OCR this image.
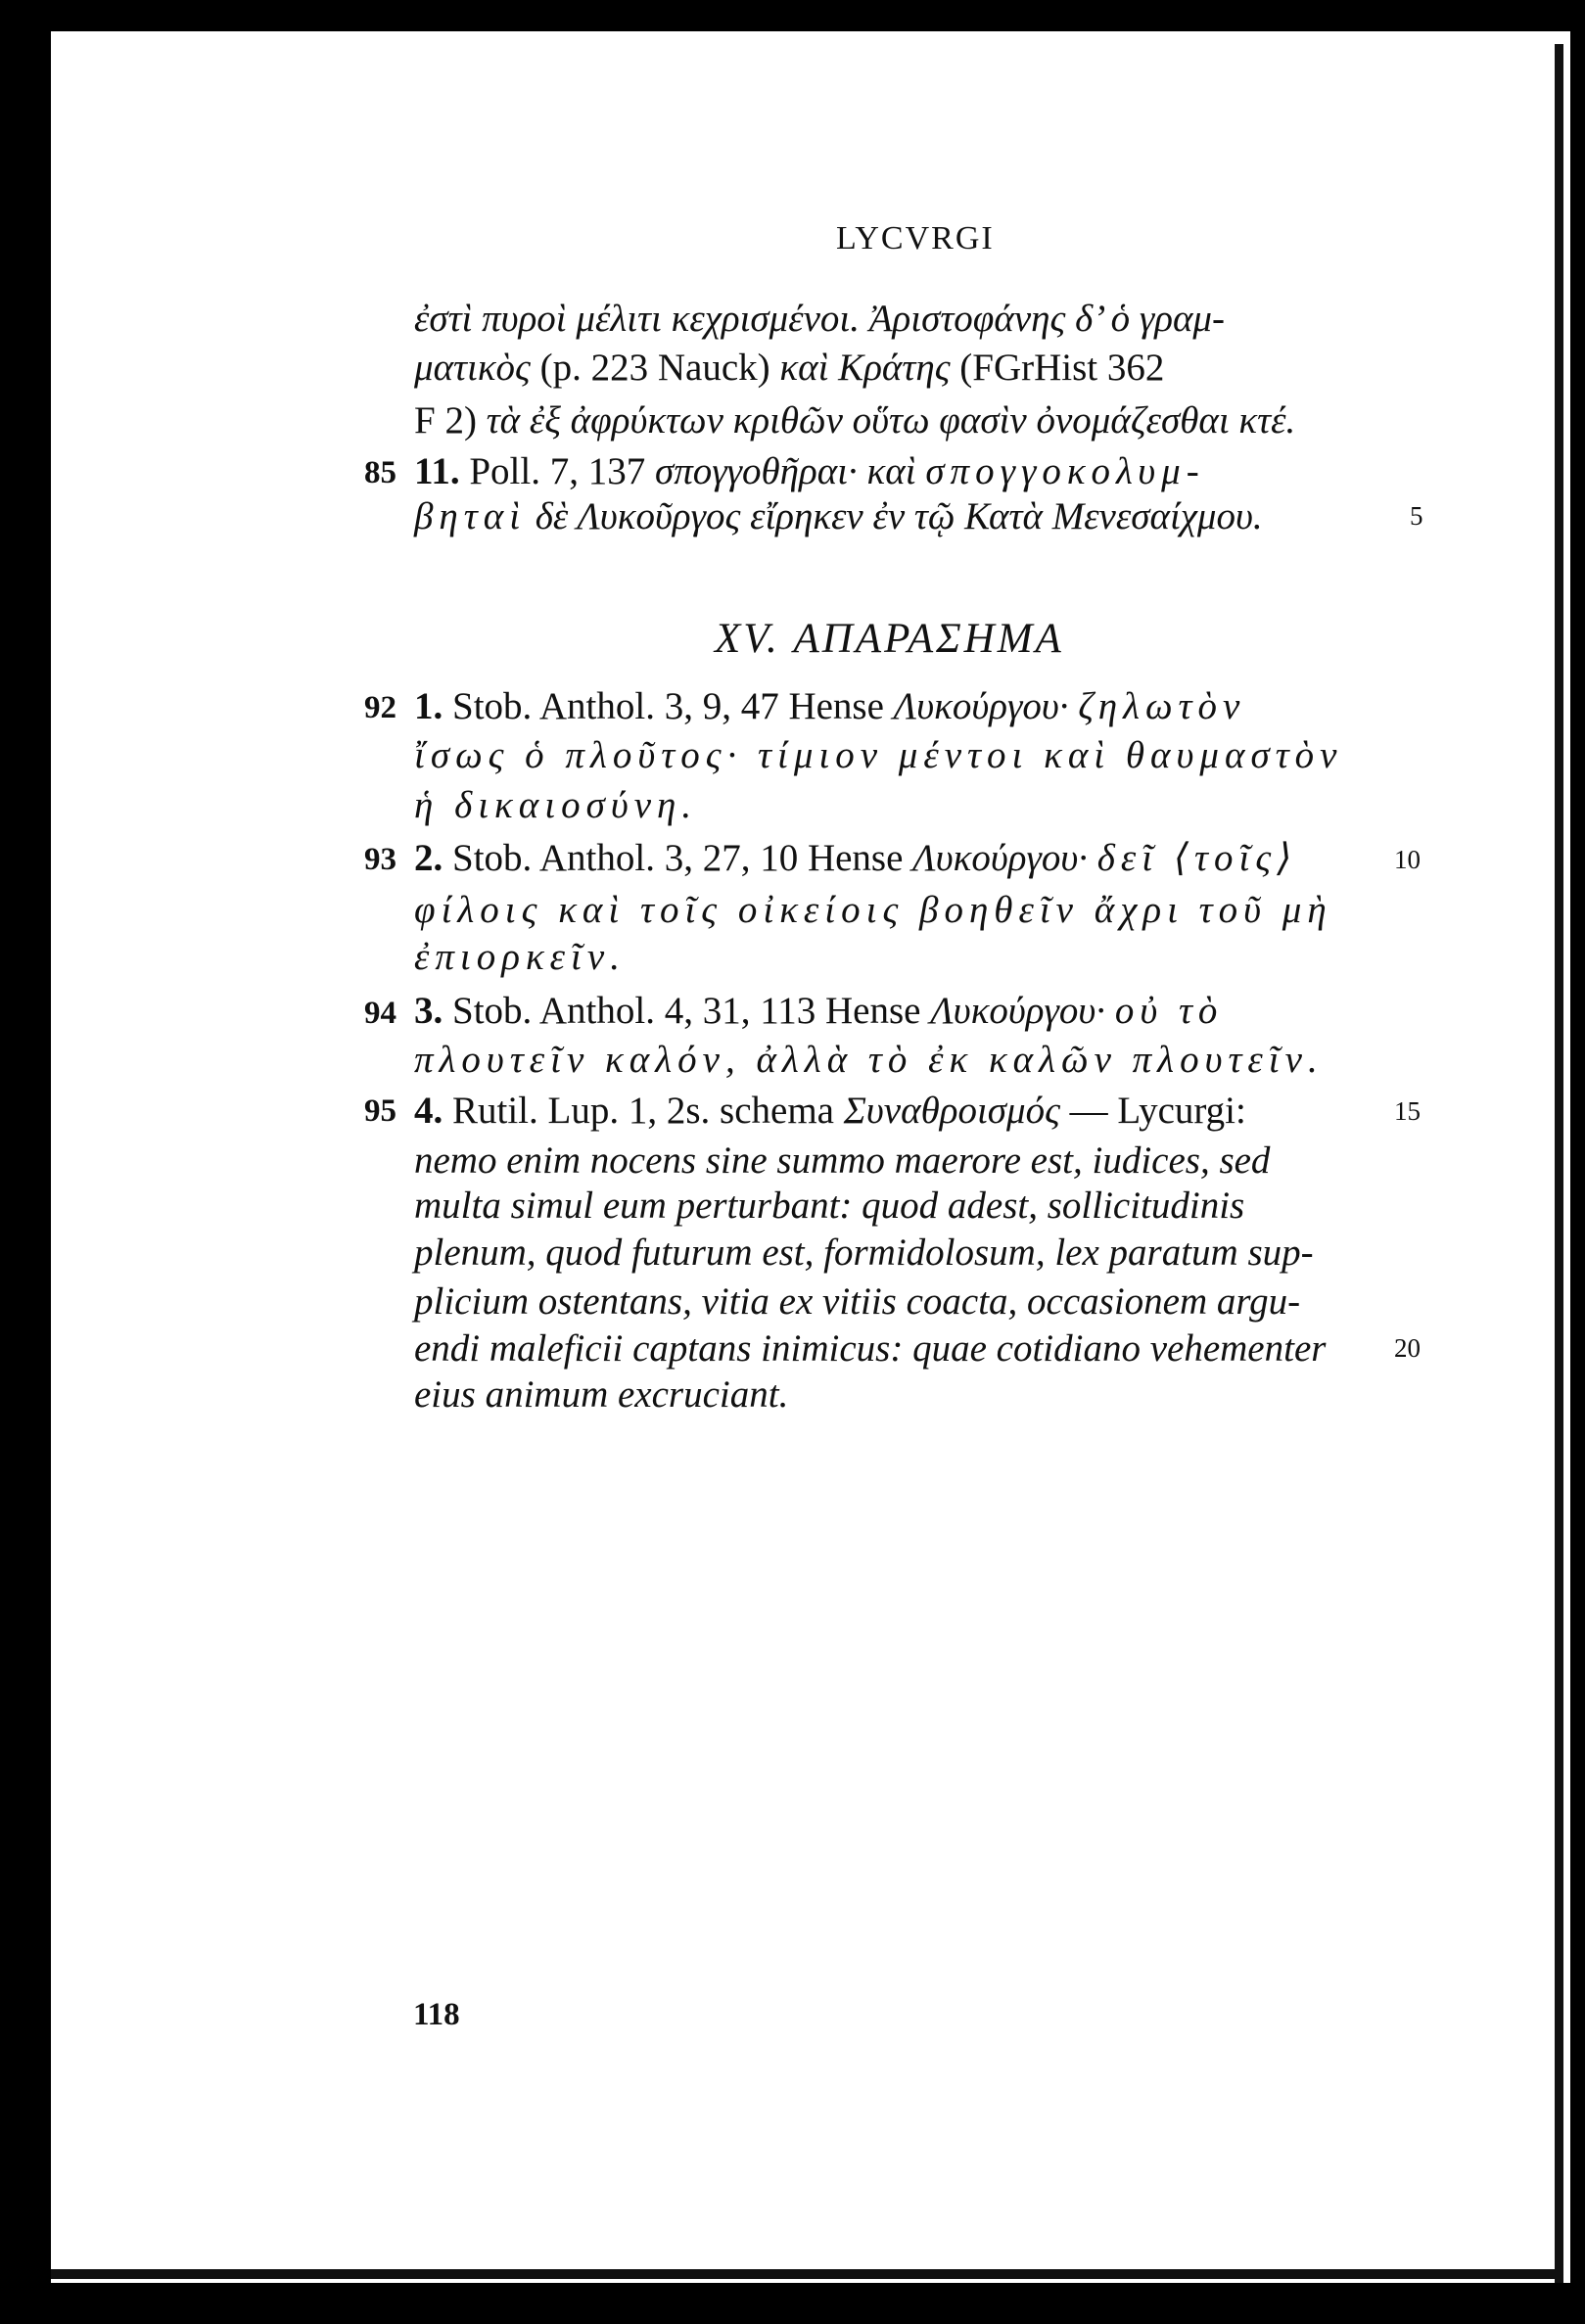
LYCVRGI
XV. ΑΠΑΡΑΣΗΜΑ
85
92
93
94
95
5
10
15
20
ἐστὶ πυροὶ μέλιτι κεχρισμένοι. Ἀριστοφάνης δ’ ὁ γραμ-
ματικὸς (p. 223 Nauck) καὶ Κράτης (FGrHist 362
F 2) τὰ ἐξ ἀφρύκτων κριθῶν οὕτω φασὶν ὀνομάζεσθαι κτέ.
11. Poll. 7, 137 σπογγοθῆραι· καὶ σπογγοκολυμ-
βηταὶ δὲ Λυκοῦργος εἴρηκεν ἐν τῷ Κατὰ Μενεσαίχμου.
1. Stob. Anthol. 3, 9, 47 Hense Λυκούργου· ζηλωτὸν
ἴσως ὁ πλοῦτος· τίμιον μέντοι καὶ θαυμαστὸν
ἡ δικαιοσύνη.
2. Stob. Anthol. 3, 27, 10 Hense Λυκούργου· δεῖ ⟨τοῖς⟩
φίλοις καὶ τοῖς οἰκείοις βοηθεῖν ἄχρι τοῦ μὴ
ἐπιορκεῖν.
3. Stob. Anthol. 4, 31, 113 Hense Λυκούργου· οὐ τὸ
πλουτεῖν καλόν, ἀλλὰ τὸ ἐκ καλῶν πλουτεῖν.
4. Rutil. Lup. 1, 2s. schema Συναθροισμός — Lycurgi:
nemo enim nocens sine summo maerore est, iudices, sed
multa simul eum perturbant: quod adest, sollicitudinis
plenum, quod futurum est, formidolosum, lex paratum sup-
plicium ostentans, vitia ex vitiis coacta, occasionem argu-
endi maleficii captans inimicus: quae cotidiano vehementer
eius animum excruciant.
118
